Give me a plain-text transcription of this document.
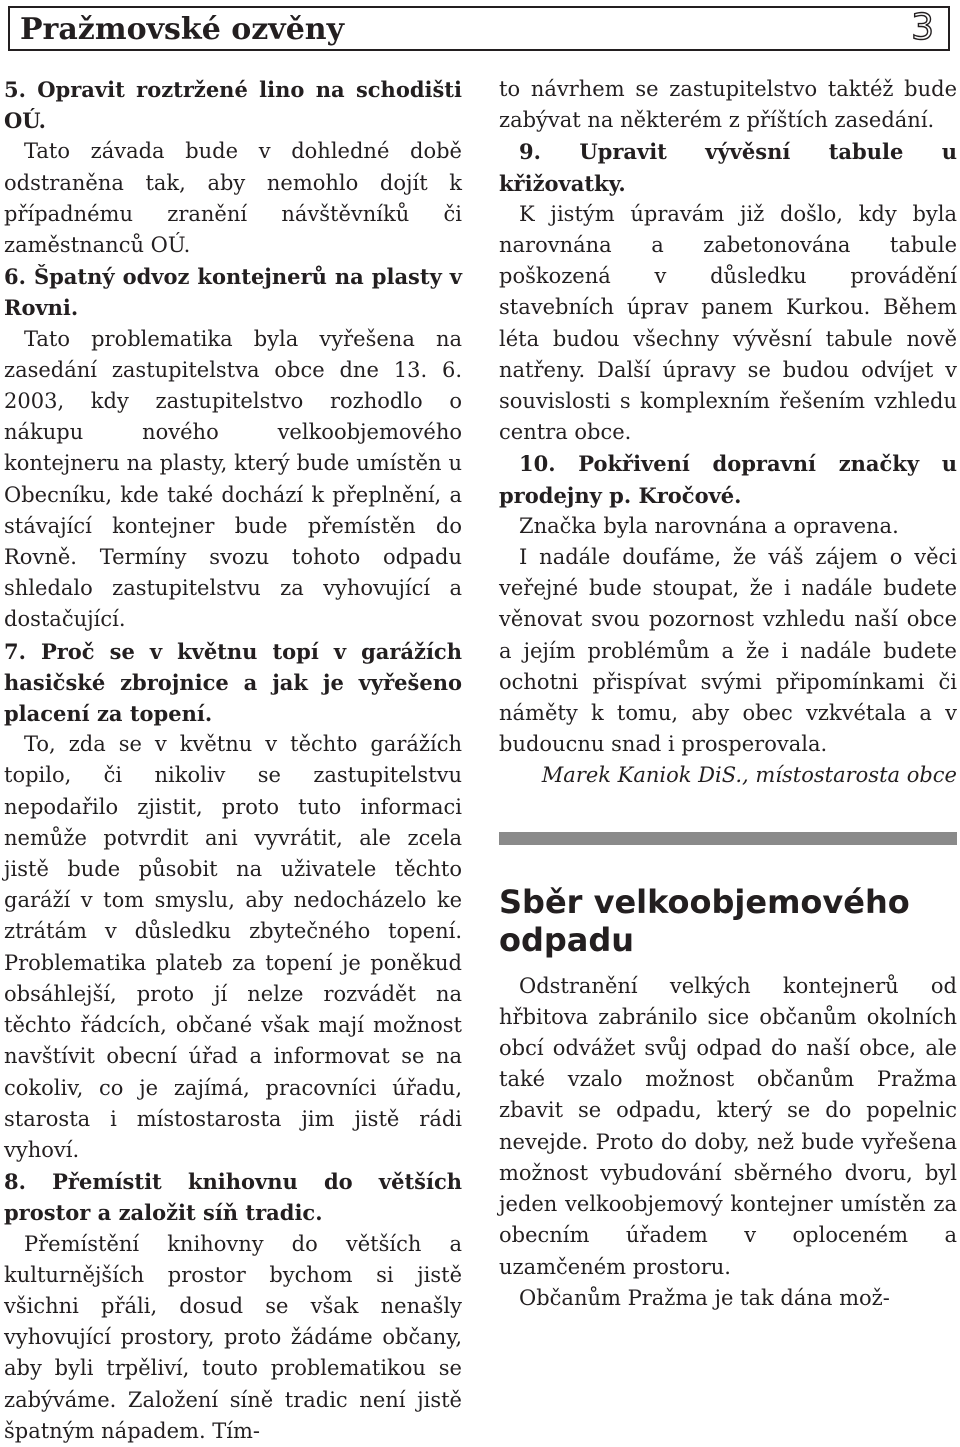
Pražmovské ozvěny	3

5. Opravit roztržené lino na schodišti OÚ.

Tato závada bude v dohledné době odstraněna tak, aby nemohlo dojít k případnému zranění návštěvníků či zaměstnanců OÚ.

6. Špatný odvoz kontejnerů na plasty v Rovni.

Tato problematika byla vyřešena na zasedání zastupitelstva obce dne 13. 6. 2003, kdy zastupitelstvo rozhodlo o nákupu nového velkoobjemového kontejneru na plasty, který bude umístěn u Obecníku, kde také dochází k přeplnění, a stávající kontejner bude přemístěn do Rovně. Termíny svozu tohoto odpadu shledalo zastupitelstvu za vyhovující a dostačující.

7. Proč se v květnu topí v garážích hasičské zbrojnice a jak je vyřešeno placení za topení.

To, zda se v květnu v těchto garážích topilo, či nikoliv se zastupitelstvu nepodařilo zjistit, proto tuto informaci nemůže potvrdit ani vyvrátit, ale zcela jistě bude působit na uživatele těchto garáží v tom smyslu, aby nedocházelo ke ztrátám v důsledku zbytečného topení. Problematika plateb za topení je poněkud obsáhlejší, proto jí nelze rozvádět na těchto řádcích, občané však mají možnost navštívit obecní úřad a informovat se na cokoliv, co je zajímá, pracovníci úřadu, starosta i místostarosta jim jistě rádi vyhoví.

8. Přemístit knihovnu do větších prostor a založit síň tradic.

Přemístění knihovny do větších a kulturnějších prostor bychom si jistě všichni přáli, dosud se však nenašly vyhovující prostory, proto žádáme občany, aby byli trpěliví, touto problematikou se zabýváme. Založení síně tradic není jistě špatným nápadem. Tím-

to návrhem se zastupitelstvo taktéž bude zabývat na některém z příštích zasedání.

9. Upravit vývěsní tabule u křižovatky.

K jistým úpravám již došlo, kdy byla narovnána a zabetonována tabule poškozená v důsledku provádění stavebních úprav panem Kurkou. Během léta budou všechny vývěsní tabule nově natřeny. Další úpravy se budou odvíjet v souvislosti s komplexním řešením vzhledu centra obce.

10. Pokřivení dopravní značky u prodejny p. Kročové.

Značka byla narovnána a opravena.

I nadále doufáme, že váš zájem o věci veřejné bude stoupat, že i nadále budete věnovat svou pozornost vzhledu naší obce a jejím problémům a že i nadále budete ochotni přispívat svými připomínkami či náměty k tomu, aby obec vzkvétala a v budoucnu snad i prosperovala.

Marek Kaniok DiS., místostarosta obce

Sběr velkoobjemového odpadu

Odstranění velkých kontejnerů od hřbitova zabránilo sice občanům okolních obcí odvážet svůj odpad do naší obce, ale také vzalo možnost občanům Pražma zbavit se odpadu, který se do popelnic nevejde. Proto do doby, než bude vyřešena možnost vybudování sběrného dvoru, byl jeden velkoobjemový kontejner umístěn za obecním úřadem v oploceném a uzamčeném prostoru.

Občanům Pražma je tak dána mož-
